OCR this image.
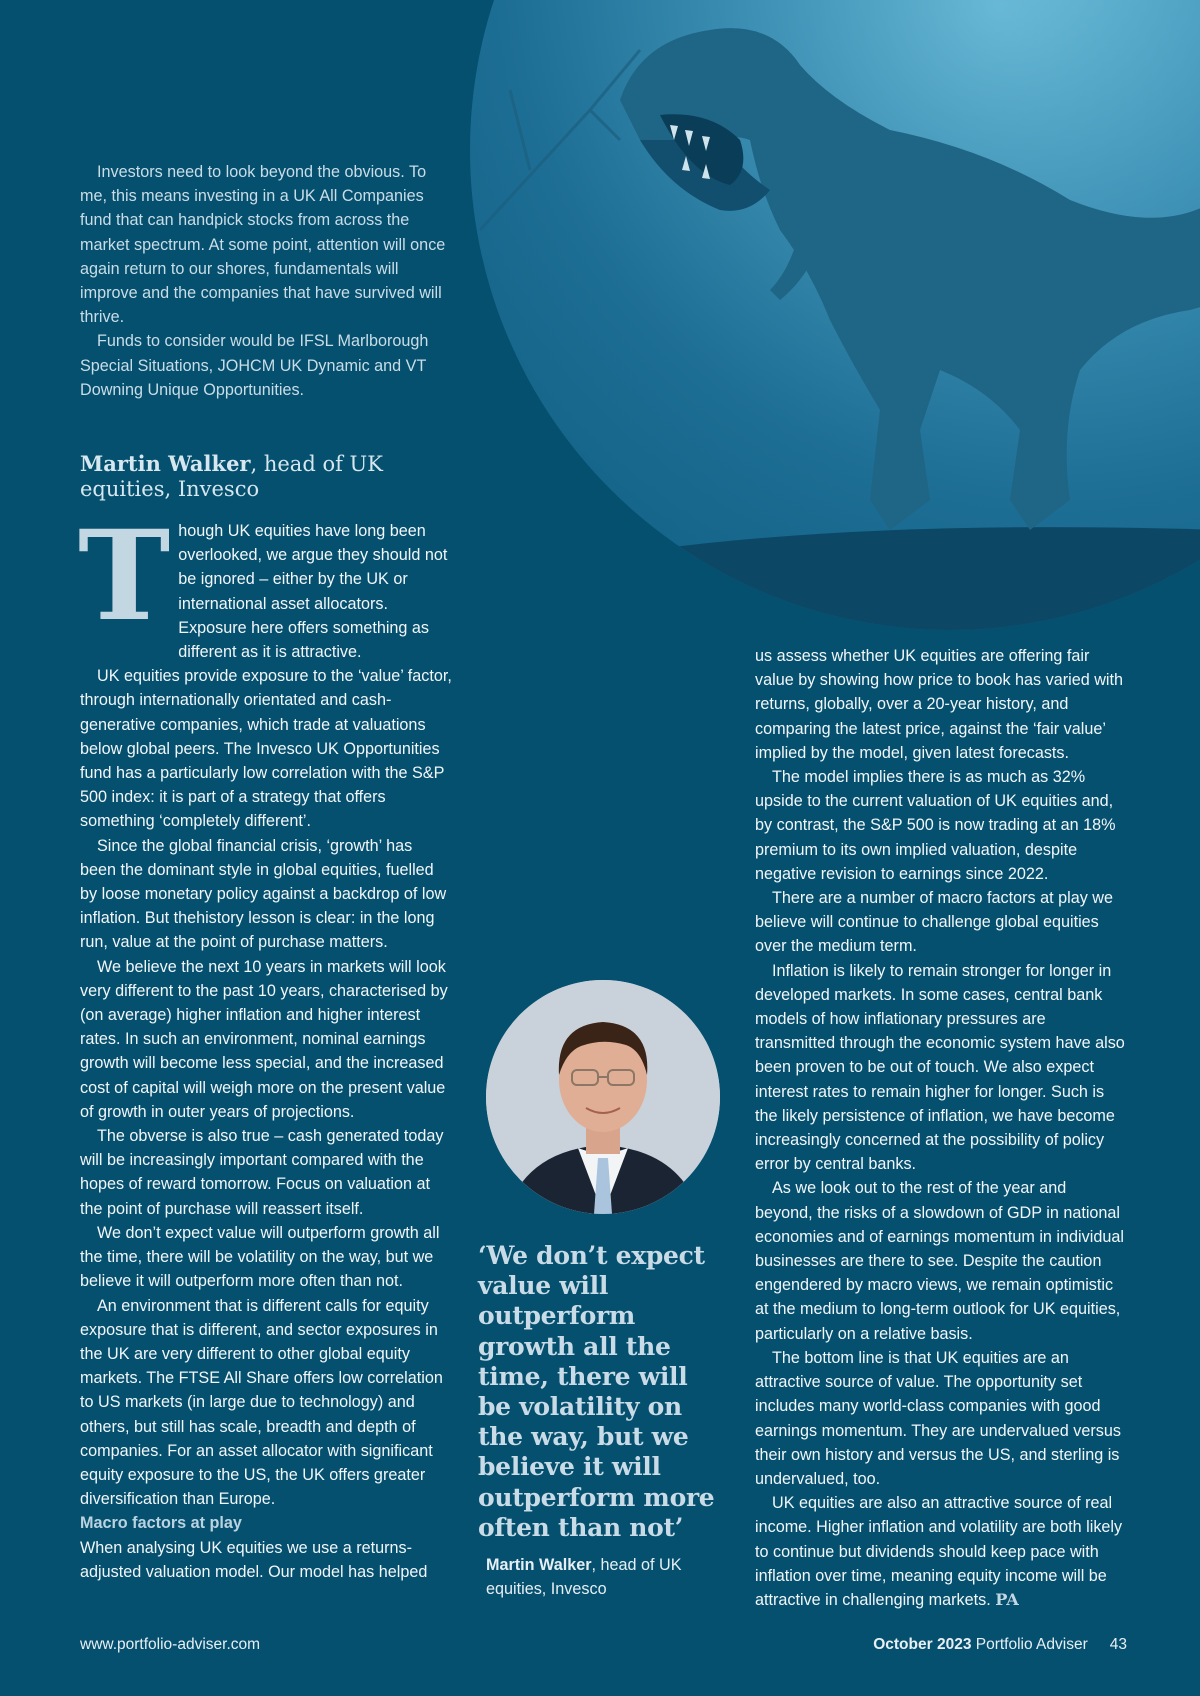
Investors need to look beyond the obvious. To me, this means investing in a UK All Companies fund that can handpick stocks from across the market spectrum. At some point, attention will once again return to our shores, fundamentals will improve and the companies that have survived will thrive.

Funds to consider would be IFSL Marlborough Special Situations, JOHCM UK Dynamic and VT Downing Unique Opportunities.

Martin Walker, head of UK equities, Invesco

Though UK equities have long been overlooked, we argue they should not be ignored – either by the UK or international asset allocators. Exposure here offers something as different as it is attractive.

UK equities provide exposure to the ‘value’ factor, through internationally orientated and cash-generative companies, which trade at valuations below global peers. The Invesco UK Opportunities fund has a particularly low correlation with the S&P 500 index: it is part of a strategy that offers something ‘completely different’.

Since the global financial crisis, ‘growth’ has been the dominant style in global equities, fuelled by loose monetary policy against a backdrop of low inflation. But thehistory lesson is clear: in the long run, value at the point of purchase matters.

We believe the next 10 years in markets will look very different to the past 10 years, characterised by (on average) higher inflation and higher interest rates. In such an environment, nominal earnings growth will become less special, and the increased cost of capital will weigh more on the present value of growth in outer years of projections.

The obverse is also true – cash generated today will be increasingly important compared with the hopes of reward tomorrow. Focus on valuation at the point of purchase will reassert itself.

We don’t expect value will outperform growth all the time, there will be volatility on the way, but we believe it will outperform more often than not.

An environment that is different calls for equity exposure that is different, and sector exposures in the UK are very different to other global equity markets. The FTSE All Share offers low correlation to US markets (in large due to technology) and others, but still has scale, breadth and depth of companies. For an asset allocator with significant equity exposure to the US, the UK offers greater diversification than Europe.

Macro factors at play

When analysing UK equities we use a returns-adjusted valuation model. Our model has helped

‘We don’t expect value will outperform growth all the time, there will be volatility on the way, but we believe it will outperform more often than not’
Martin Walker, head of UK equities, Invesco

us assess whether UK equities are offering fair value by showing how price to book has varied with returns, globally, over a 20-year history, and comparing the latest price, against the ‘fair value’ implied by the model, given latest forecasts.

The model implies there is as much as 32% upside to the current valuation of UK equities and, by contrast, the S&P 500 is now trading at an 18% premium to its own implied valuation, despite negative revision to earnings since 2022.

There are a number of macro factors at play we believe will continue to challenge global equities over the medium term.

Inflation is likely to remain stronger for longer in developed markets. In some cases, central bank models of how inflationary pressures are transmitted through the economic system have also been proven to be out of touch. We also expect interest rates to remain higher for longer. Such is the likely persistence of inflation, we have become increasingly concerned at the possibility of policy error by central banks.

As we look out to the rest of the year and beyond, the risks of a slowdown of GDP in national economies and of earnings momentum in individual businesses are there to see. Despite the caution engendered by macro views, we remain optimistic at the medium to long-term outlook for UK equities, particularly on a relative basis.

The bottom line is that UK equities are an attractive source of value. The opportunity set includes many world-class companies with good earnings momentum. They are undervalued versus their own history and versus the US, and sterling is undervalued, too.

UK equities are also an attractive source of real income. Higher inflation and volatility are both likely to continue but dividends should keep pace with inflation over time, meaning equity income will be attractive in challenging markets. PA

www.portfolio-adviser.com	October 2023 Portfolio Adviser 43
